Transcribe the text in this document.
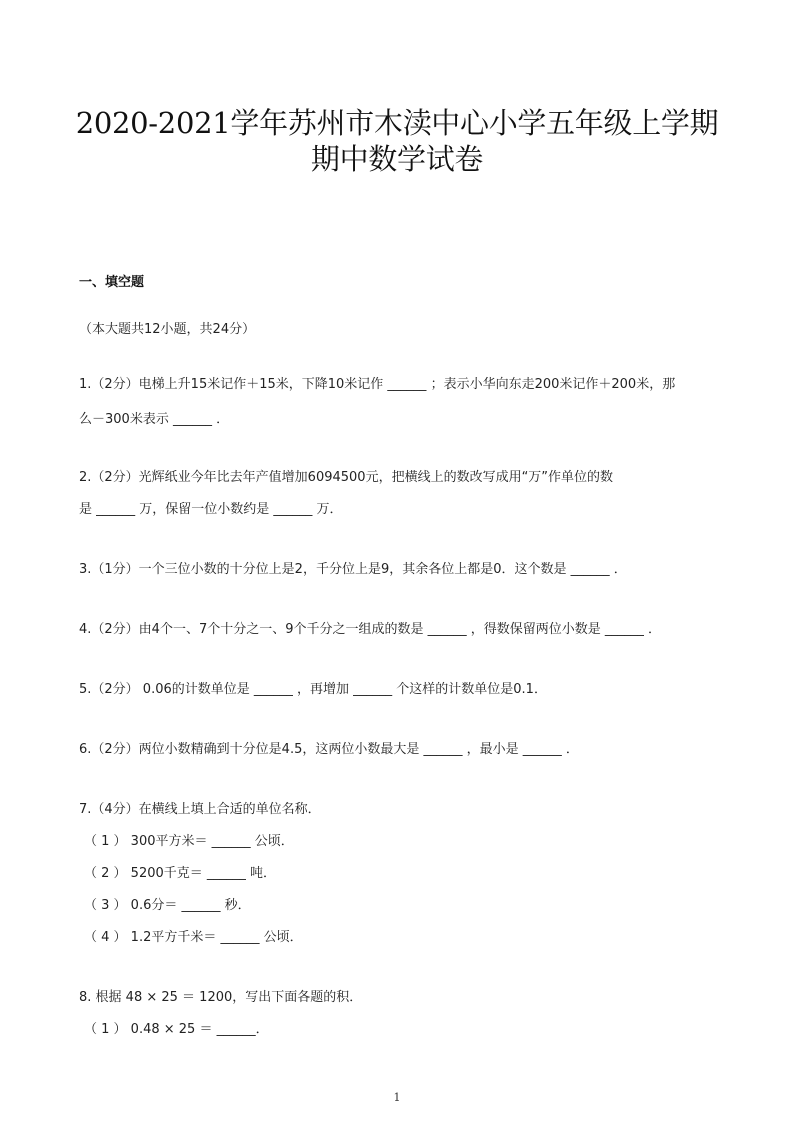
2020-2021学年苏州市木渎中心小学五年级上学期
期中数学试卷
一、填空题
（本大题共12小题，共24分）
1.（2分）电梯上升15米记作＋15米，下降10米记作 ______ ；表示小华向东走200米记作＋200米，那
么－300米表示 ______ ．
2.（2分）光辉纸业今年比去年产值增加6094500元，把横线上的数改写成用“万”作单位的数
是 ______ 万，保留一位小数约是 ______ 万．
3.（1分）一个三位小数的十分位上是2，千分位上是9，其余各位上都是0．这个数是 ______ ．
4.（2分）由4个一、7个十分之一、9个千分之一组成的数是 ______ ，得数保留两位小数是 ______ ．
5.（2分） 0.06的计数单位是 ______ ，再增加 ______ 个这样的计数单位是0.1．
6.（2分）两位小数精确到十分位是4.5，这两位小数最大是 ______ ，最小是 ______ ．
7.（4分）在横线上填上合适的单位名称．
（ 1 ） 300平方米＝ ______ 公顷．
（ 2 ） 5200千克＝ ______ 吨．
（ 3 ） 0.6分＝ ______ 秒．
（ 4 ） 1.2平方千米＝ ______ 公顷．
8. 根据 48 × 25 ＝ 1200，写出下面各题的积．
（ 1 ） 0.48 × 25 ＝ ______．
1
